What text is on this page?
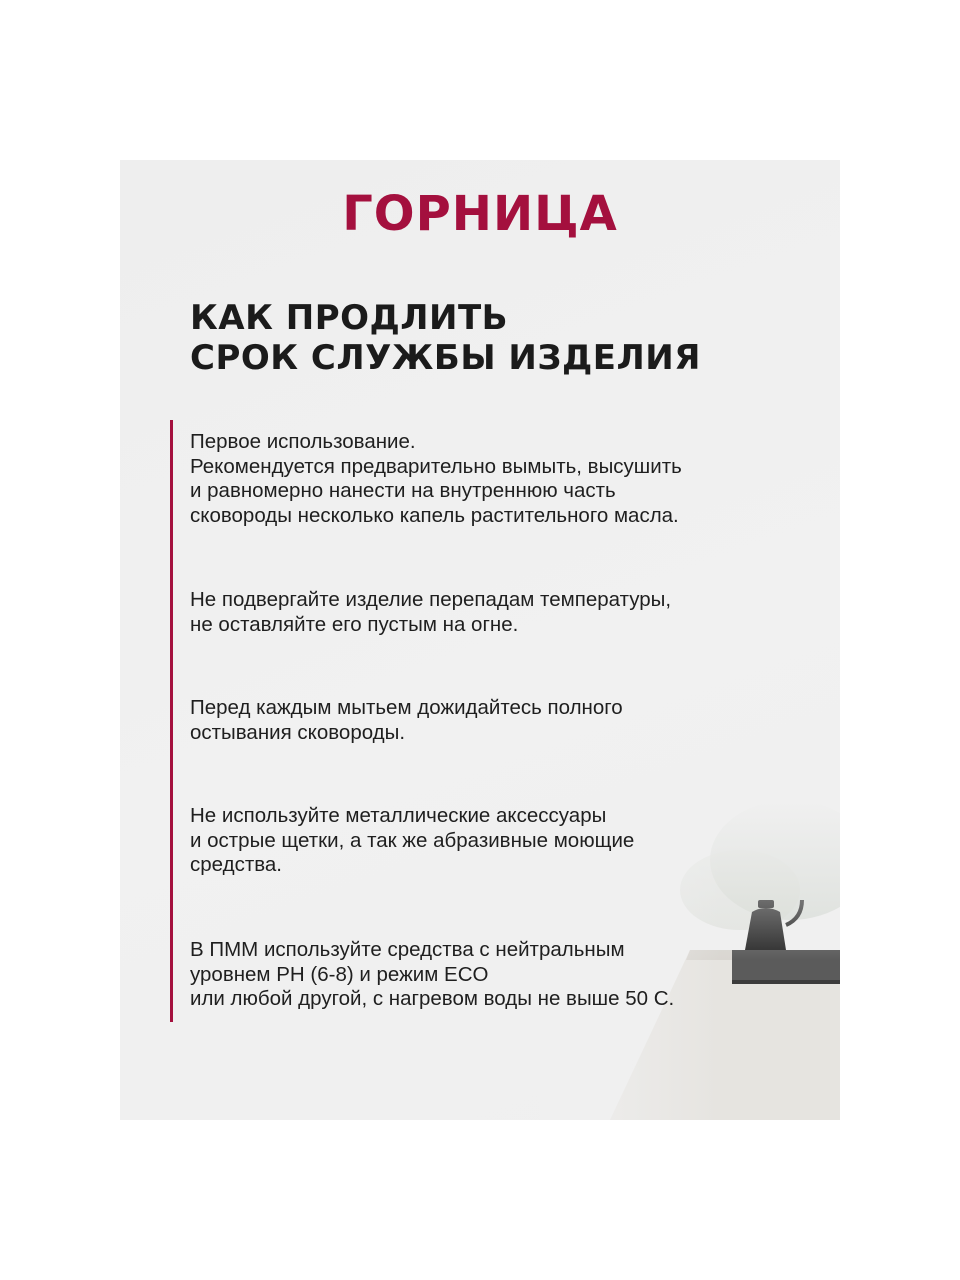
ГОРНИЦА
КАК ПРОДЛИТЬ
СРОК СЛУЖБЫ ИЗДЕЛИЯ
Первое использование.
Рекомендуется предварительно вымыть, высушить
и равномерно нанести на внутреннюю часть
сковороды несколько капель растительного масла.
Не подвергайте изделие перепадам температуры,
не оставляйте его пустым на огне.
Перед каждым мытьем дожидайтесь полного
остывания сковороды.
Не используйте металлические аксессуары
и острые щетки, а так же абразивные моющие
средства.
В ПММ используйте средства с нейтральным
уровнем PH (6-8) и режим ECO
или любой другой, с нагревом воды не выше 50 С.
